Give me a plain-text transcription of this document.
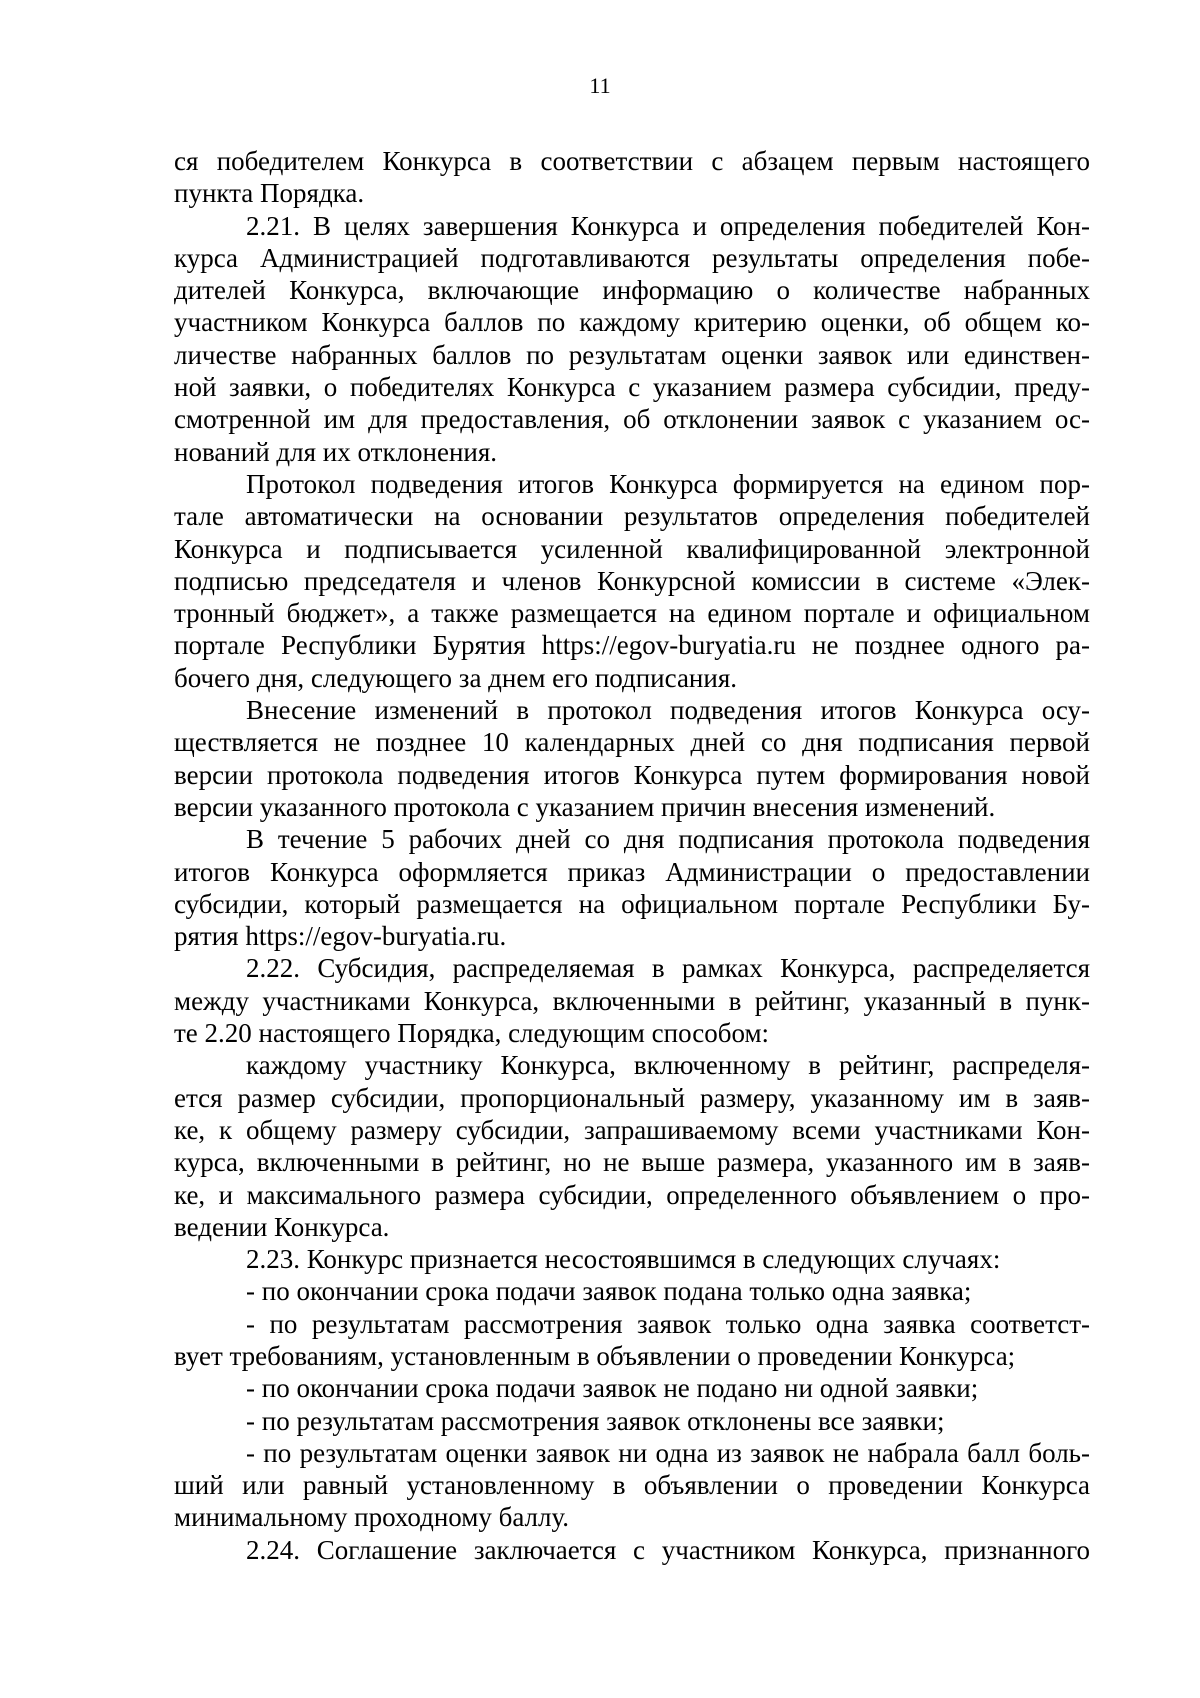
11
ся победителем Конкурса в соответствии с абзацем первым настоящего
пункта Порядка.
2.21. В целях завершения Конкурса и определения победителей Кон-
курса Администрацией подготавливаются результаты определения побе-
дителей Конкурса, включающие информацию о количестве набранных
участником Конкурса баллов по каждому критерию оценки, об общем ко-
личестве набранных баллов по результатам оценки заявок или единствен-
ной заявки, о победителях Конкурса с указанием размера субсидии, преду-
смотренной им для предоставления, об отклонении заявок с указанием ос-
нований для их отклонения.
Протокол подведения итогов Конкурса формируется на едином пор-
тале автоматически на основании результатов определения победителей
Конкурса и подписывается усиленной квалифицированной электронной
подписью председателя и членов Конкурсной комиссии в системе «Элек-
тронный бюджет», а также размещается на едином портале и официальном
портале Республики Бурятия https://egov-buryatia.ru не позднее одного ра-
бочего дня, следующего за днем его подписания.
Внесение изменений в протокол подведения итогов Конкурса осу-
ществляется не позднее 10 календарных дней со дня подписания первой
версии протокола подведения итогов Конкурса путем формирования новой
версии указанного протокола с указанием причин внесения изменений.
В течение 5 рабочих дней со дня подписания протокола подведения
итогов Конкурса оформляется приказ Администрации о предоставлении
субсидии, который размещается на официальном портале Республики Бу-
рятия https://egov-buryatia.ru.
2.22. Субсидия, распределяемая в рамках Конкурса, распределяется
между участниками Конкурса, включенными в рейтинг, указанный в пунк-
те 2.20 настоящего Порядка, следующим способом:
каждому участнику Конкурса, включенному в рейтинг, распределя-
ется размер субсидии, пропорциональный размеру, указанному им в заяв-
ке, к общему размеру субсидии, запрашиваемому всеми участниками Кон-
курса, включенными в рейтинг, но не выше размера, указанного им в заяв-
ке, и максимального размера субсидии, определенного объявлением о про-
ведении Конкурса.
2.23. Конкурс признается несостоявшимся в следующих случаях:
- по окончании срока подачи заявок подана только одна заявка;
- по результатам рассмотрения заявок только одна заявка соответст-
вует требованиям, установленным в объявлении о проведении Конкурса;
- по окончании срока подачи заявок не подано ни одной заявки;
- по результатам рассмотрения заявок отклонены все заявки;
- по результатам оценки заявок ни одна из заявок не набрала балл боль-
ший или равный установленному в объявлении о проведении Конкурса
минимальному проходному баллу.
2.24. Соглашение заключается с участником Конкурса, признанного
